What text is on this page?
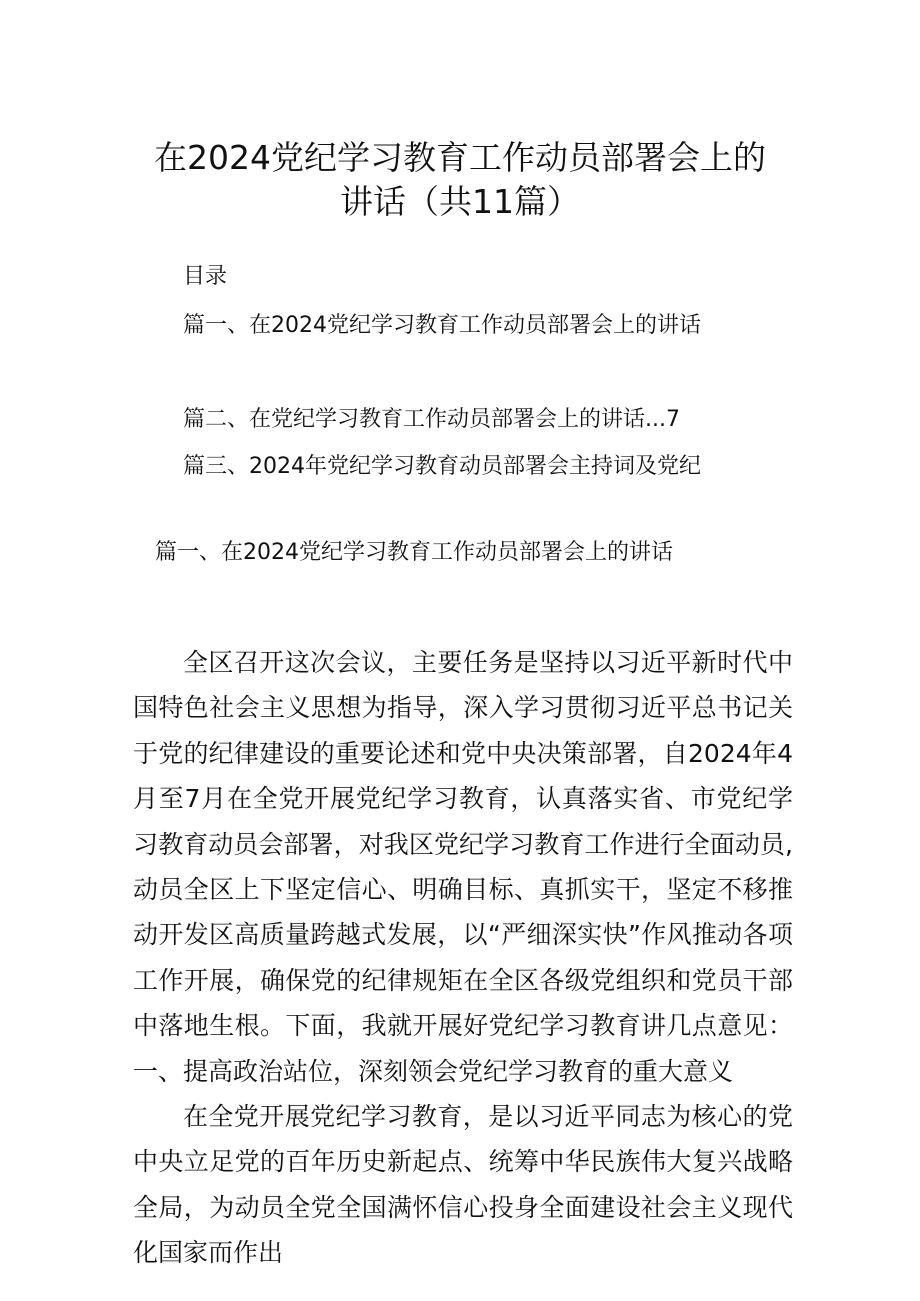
在2024党纪学习教育工作动员部署会上的
讲话（共11篇）
目录
篇一、在2024党纪学习教育工作动员部署会上的讲话
篇二、在党纪学习教育工作动员部署会上的讲话...7
篇三、2024年党纪学习教育动员部署会主持词及党纪
篇一、在2024党纪学习教育工作动员部署会上的讲话

全区召开这次会议，主要任务是坚持以习近平新时代中国特色社会主义思想为指导，深入学习贯彻习近平总书记关于党的纪律建设的重要论述和党中央决策部署，自2024年4月至7月在全党开展党纪学习教育，认真落实省、市党纪学习教育动员会部署，对我区党纪学习教育工作进行全面动员,动员全区上下坚定信心、明确目标、真抓实干，坚定不移推动开发区高质量跨越式发展，以“严细深实快”作风推动各项工作开展，确保党的纪律规矩在全区各级党组织和党员干部中落地生根。下面，我就开展好党纪学习教育讲几点意见：一、提高政治站位，深刻领会党纪学习教育的重大意义

在全党开展党纪学习教育，是以习近平同志为核心的党中央立足党的百年历史新起点、统筹中华民族伟大复兴战略全局，为动员全党全国满怀信心投身全面建设社会主义现代化国家而作出
